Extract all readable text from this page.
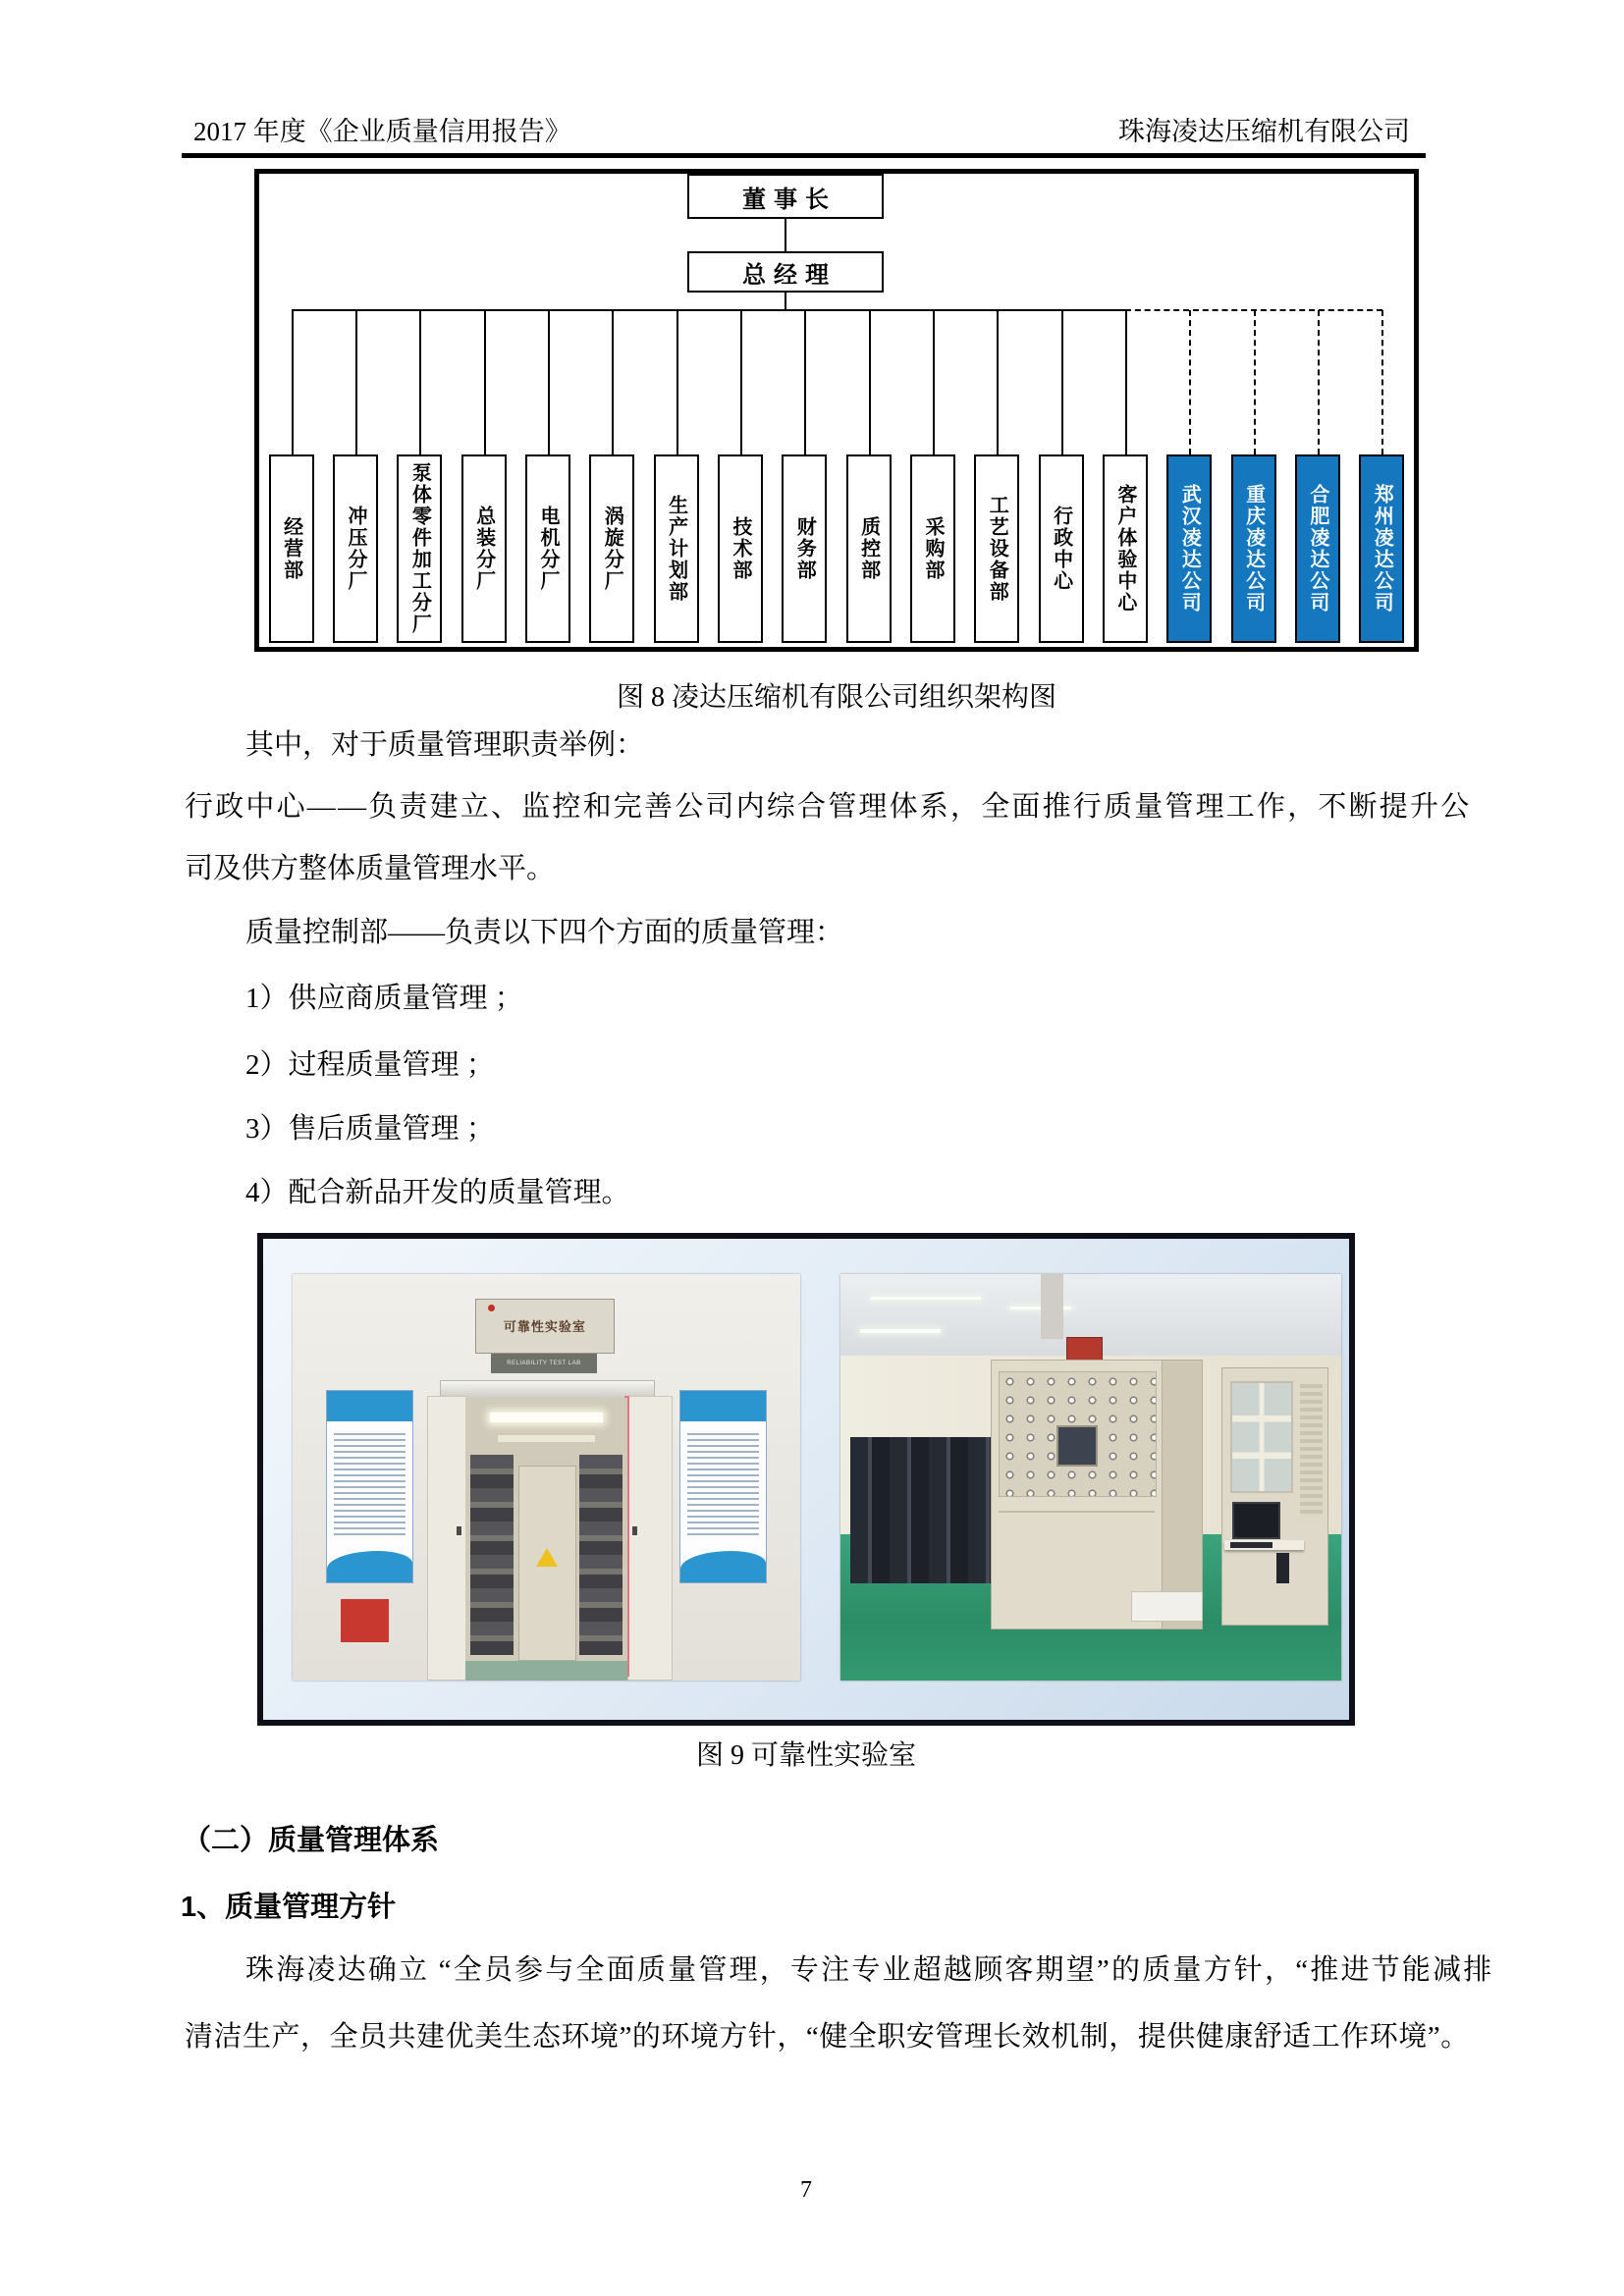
2017 年度《企业质量信用报告》	珠海凌达压缩机有限公司
董事长
总经理
经营部	冲压分厂	泵体零件加工分厂	总装分厂	电机分厂	涡旋分厂	生产计划部	技术部	财务部	质控部	采购部	工艺设备部	行政中心	客户体验中心	武汉凌达公司	重庆凌达公司	合肥凌达公司	郑州凌达公司
图 8 凌达压缩机有限公司组织架构图
其中，对于质量管理职责举例：
行政中心——负责建立、监控和完善公司内综合管理体系，全面推行质量管理工作，不断提升公
司及供方整体质量管理水平。
质量控制部——负责以下四个方面的质量管理：
1）供应商质量管理 ；
2）过程质量管理 ；
3）售后质量管理 ；
4）配合新品开发的质量管理。
可靠性实验室
RELIABILITY TEST LAB
图 9 可靠性实验室
（二）质量管理体系
1、质量管理方针
珠海凌达确立 “全员参与全面质量管理，专注专业超越顾客期望”的质量方针，“推进节能减排
清洁生产，全员共建优美生态环境”的环境方针，“健全职安管理长效机制，提供健康舒适工作环境”。
7
